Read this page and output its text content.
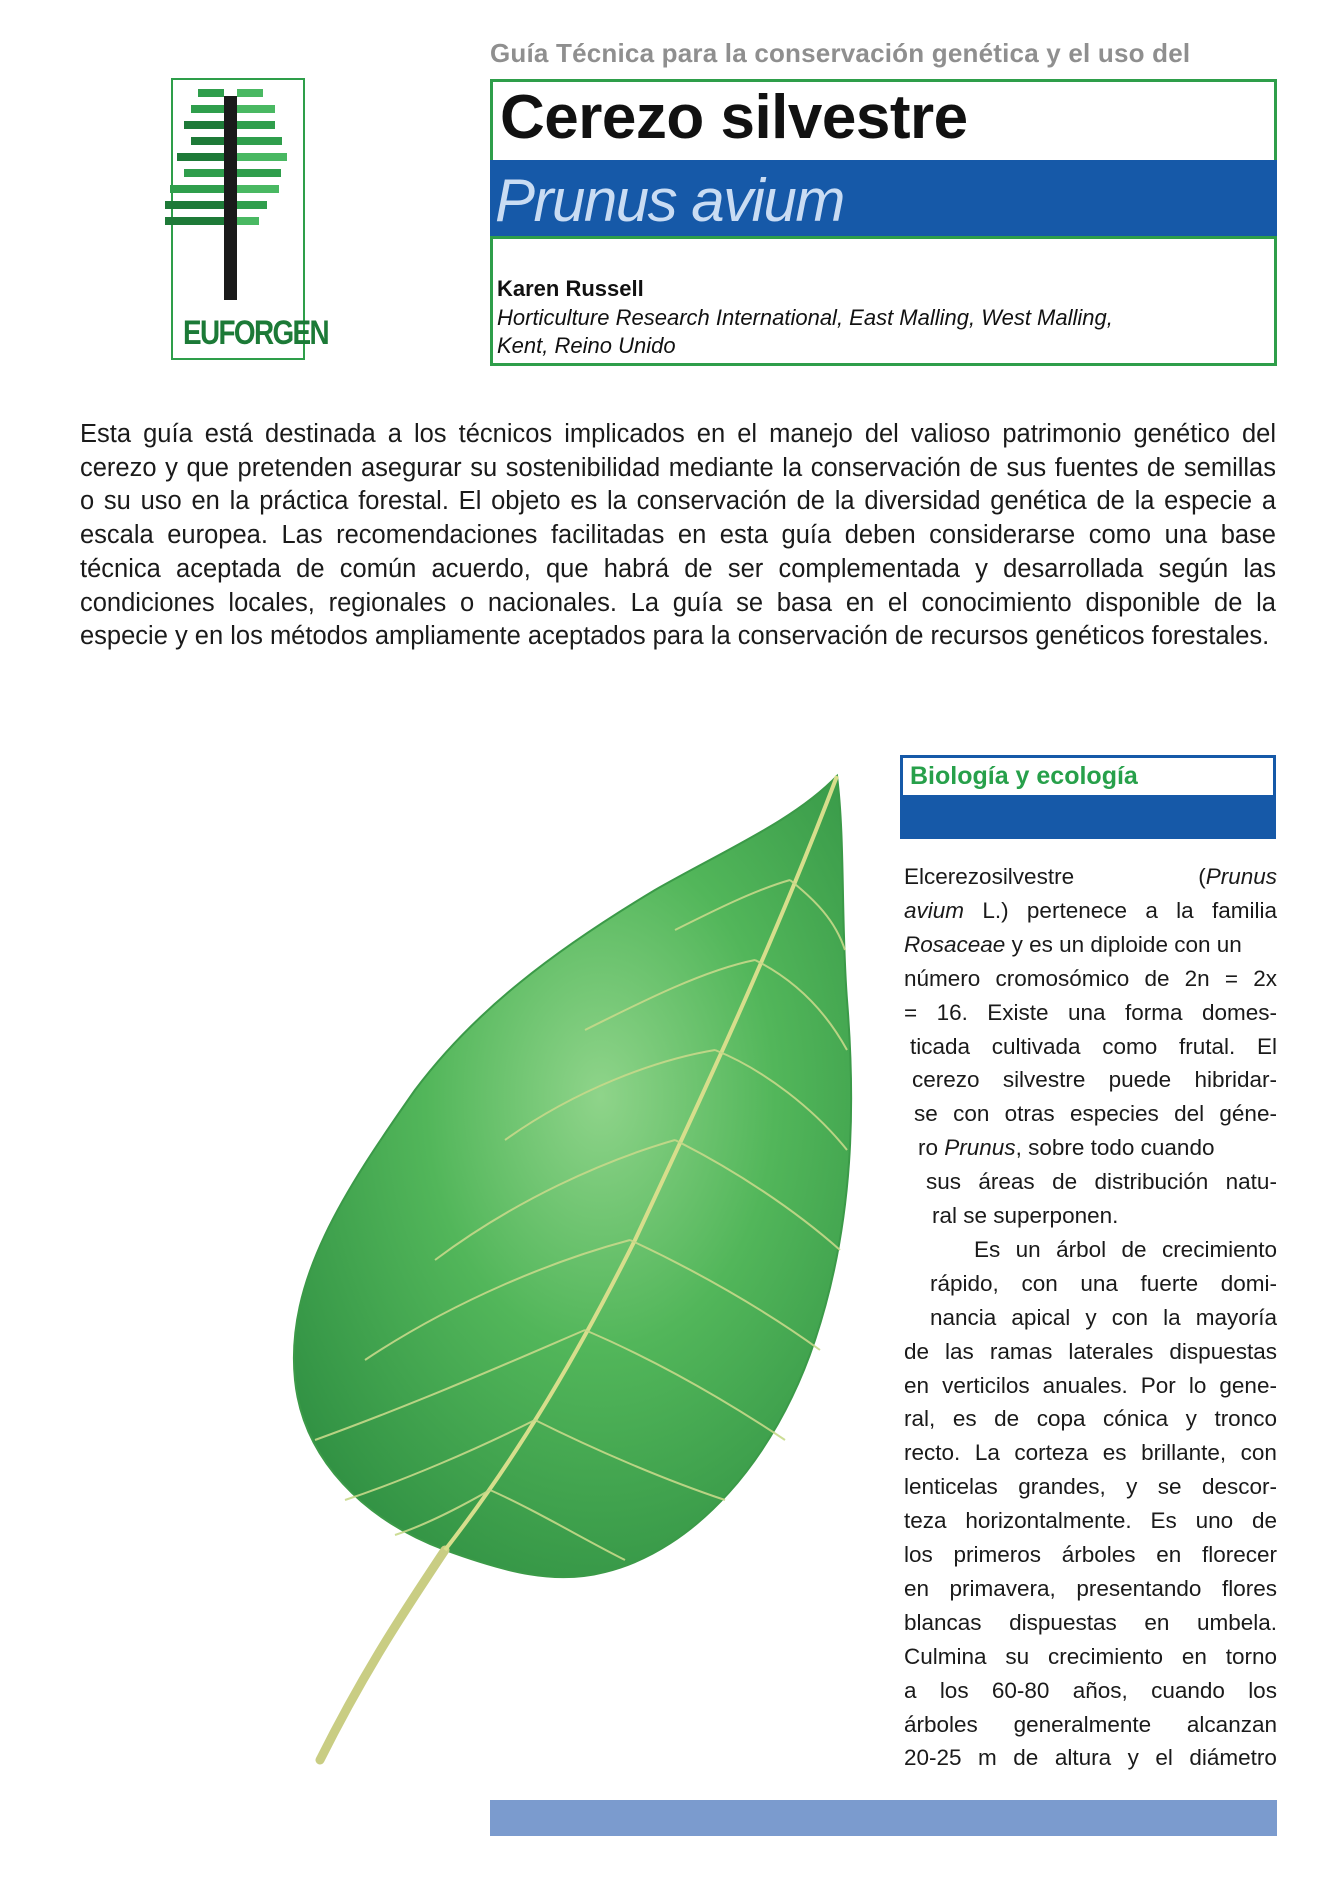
Guía Técnica para la conservación genética y el uso del
EUFORGEN
Cerezo silvestre
Prunus avium
Karen Russell
Horticulture Research International, East Malling, West Malling,
Kent, Reino Unido
Esta guía está destinada a los técnicos implicados en el manejo del valioso patrimonio genético del cerezo y que pretenden asegurar su sostenibilidad mediante la conservación de sus fuentes de semillas o su uso en la práctica forestal. El objeto es la conservación de la diversidad genética de la especie a escala europea. Las recomendaciones facilitadas en esta guía deben considerarse como una base técnica aceptada de común acuerdo, que habrá de ser complementada y desarrollada según las condiciones locales, regionales o nacionales. La guía se basa en el conocimiento disponible de la especie y en los métodos ampliamente aceptados para la conservación de recursos genéticos forestales.
Biología y ecología
El cerezo silvestre	(Prunus
avium L.) pertenece a la familia
Rosaceae
y es un diploide con un
número cromosómico de 2n = 2x
= 16. Existe una forma domes-
ticada cultivada como frutal. El
cerezo silvestre puede hibridar-
se con otras especies del géne-
ro
Prunus , sobre todo cuando
sus áreas de distribución natu-
ral se superponen.
Es un árbol de crecimiento
rápido, con una fuerte domi-
nancia apical y con la mayoría
de las ramas laterales dispuestas
en verticilos anuales. Por lo gene-
ral, es de copa cónica y tronco
recto. La corteza es brillante, con
lenticelas grandes, y se descor-
teza horizontalmente. Es uno de
los primeros árboles en florecer
en primavera, presentando flores
blancas dispuestas en umbela.
Culmina su crecimiento en torno
a los 60-80 años, cuando los
árboles generalmente alcanzan
20-25 m de altura y el diámetro
